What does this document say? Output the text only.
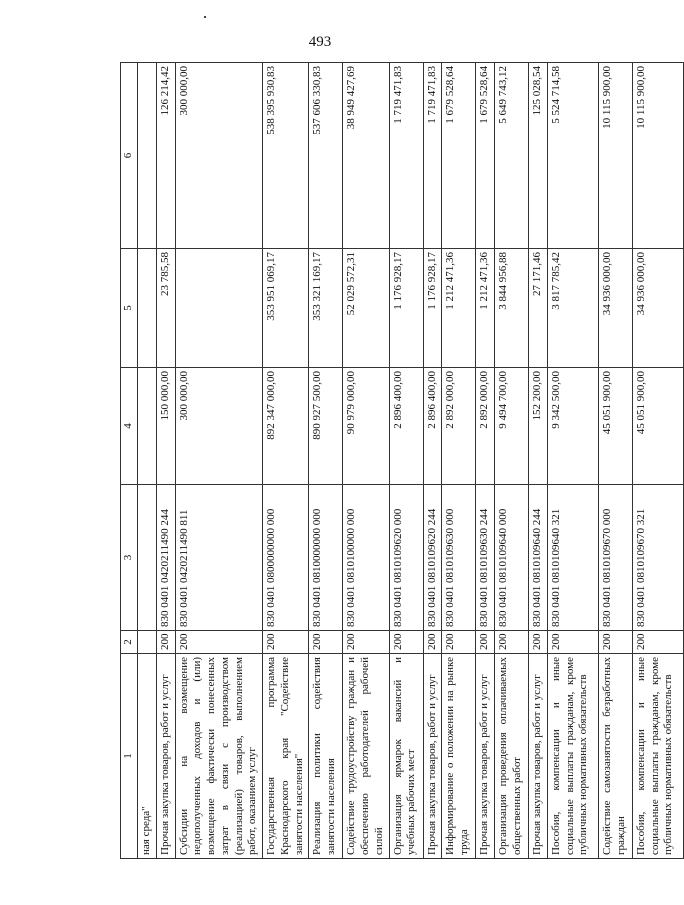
493
1	2	3	4	5	6
ная среда"					
Прочая закупка товаров, работ и услуг	200	830 0401 0420211490 244	150 000,00	23 785,58	126 214,42
Субсидии на возмещение недополученных доходов и (или) возмещение фактически понесенных затрат в связи с производством (реализацией) товаров, выполнением работ, оказанием услуг	200	830 0401 0420211490 811	300 000,00		300 000,00
Государственная программа Краснодарского края "Содействие занятости населения"	200	830 0401 0800000000 000	892 347 000,00	353 951 069,17	538 395 930,83
Реализация политики содействия занятости населения	200	830 0401 0810000000 000	890 927 500,00	353 321 169,17	537 606 330,83
Содействие трудоустройству граждан и обеспечению работодателей рабочей силой	200	830 0401 0810100000 000	90 979 000,00	52 029 572,31	38 949 427,69
Организация ярмарок вакансий и учебных рабочих мест	200	830 0401 0810109620 000	2 896 400,00	1 176 928,17	1 719 471,83
Прочая закупка товаров, работ и услуг	200	830 0401 0810109620 244	2 896 400,00	1 176 928,17	1 719 471,83
Информирование о положении на рынке труда	200	830 0401 0810109630 000	2 892 000,00	1 212 471,36	1 679 528,64
Прочая закупка товаров, работ и услуг	200	830 0401 0810109630 244	2 892 000,00	1 212 471,36	1 679 528,64
Организация проведения оплачиваемых общественных работ	200	830 0401 0810109640 000	9 494 700,00	3 844 956,88	5 649 743,12
Прочая закупка товаров, работ и услуг	200	830 0401 0810109640 244	152 200,00	27 171,46	125 028,54
Пособия, компенсации и иные социальные выплаты гражданам, кроме публичных нормативных обязательств	200	830 0401 0810109640 321	9 342 500,00	3 817 785,42	5 524 714,58
Содействие самозанятости безработных граждан	200	830 0401 0810109670 000	45 051 900,00	34 936 000,00	10 115 900,00
Пособия, компенсации и иные социальные выплаты гражданам, кроме публичных нормативных обязательств	200	830 0401 0810109670 321	45 051 900,00	34 936 000,00	10 115 900,00
